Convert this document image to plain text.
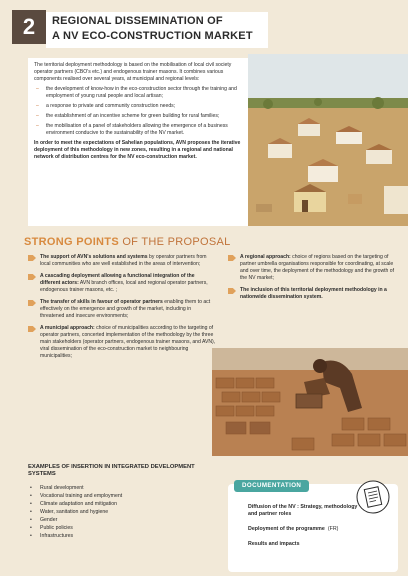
2	REGIONAL DISSEMINATION OF
A NV ECO-CONSTRUCTION MARKET

The territorial deployment methodology is based on the mobilisation of local civil society operator partners (CBO's etc.) and endogenous trainer masons. It combines various components realised over several years, at municipal and regional levels:

– the development of know-how in the eco-construction sector through the training and employment of young rural people and local artisan;
– a response to private and community construction needs;
– the establishment of an incentive scheme for green building for rural families;
– the mobilisation of a panel of stakeholders allowing the emergence of a business environment conducive to the sustainability of the NV market.

In order to meet the expectations of Sahelian populations, AVN proposes the iterative deployment of this methodology in new zones, resulting in a regional and national network of distribution centres for the NV eco-construction market.

STRONG POINTS OF THE PROPOSAL
The support of AVN's solutions and systems by operator partners from local communities who are well established in the areas of intervention;
A cascading deployment allowing a functional integration of the different actors: AVN branch offices, local and regional operator partners, endogenous trainer masons, etc. ;
The transfer of skills in favour of operator partners enabling them to act effectively on the emergence and growth of the market, including in threatened and insecure environments;
A municipal approach: choice of municipalities according to the targeting of operator partners, concerted implementation of the methodology by the three main stakeholders (operator partners, endogenous trainer masons, and AVN), viral dissemination of the eco-construction market to neighbouring municipalities;
A regional approach: choice of regions based on the targeting of partner umbrella organisations responsible for coordinating, at scale and over time, the deployment of the methodology and the growth of the NV market;
The inclusion of this territorial deployment methodology in a nationwide dissemination system.
EXAMPLES OF INSERTION IN INTEGRATED DEVELOPMENT SYSTEMS
• Rural development
• Vocational training and employment
• Climate adaptation and mitigation
• Water, sanitation and hygiene
• Gender
• Public policies
• Infrastructures
DOCUMENTATION
Diffusion of the NV : Strategy, methodology and partner roles
Deployment of the programme (FR)
Results and impacts
